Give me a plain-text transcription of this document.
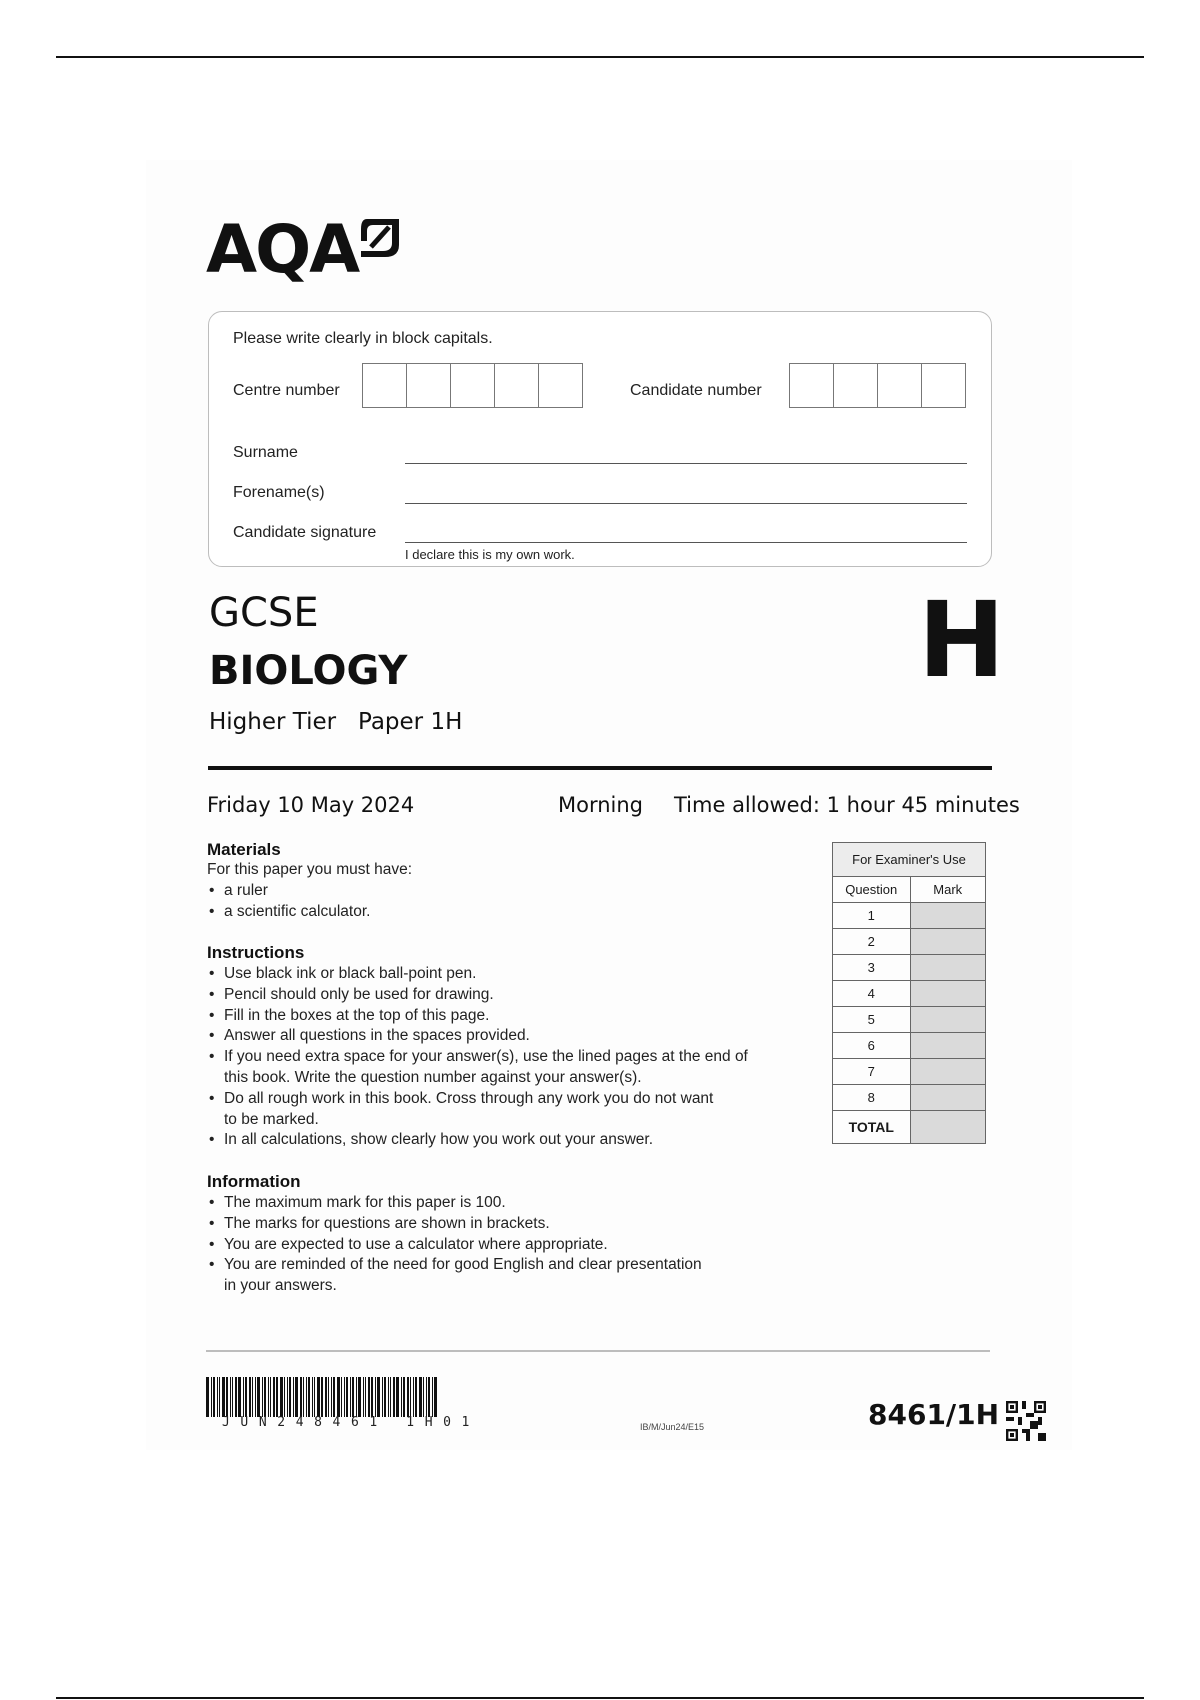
AQA
Please write clearly in block capitals.
Centre number	Candidate number
Surname
Forename(s)
Candidate signature
I declare this is my own work.
GCSE
BIOLOGY
Higher Tier Paper 1H
H
Friday 10 May 2024	Morning Time allowed: 1 hour 45 minutes
Materials
For this paper you must have:
• a ruler
• a scientific calculator.
Instructions
• Use black ink or black ball-point pen.
• Pencil should only be used for drawing.
• Fill in the boxes at the top of this page.
• Answer all questions in the spaces provided.
• If you need extra space for your answer(s), use the lined pages at the end of
this book. Write the question number against your answer(s).
• Do all rough work in this book. Cross through any work you do not want
to be marked.
• In all calculations, show clearly how you work out your answer.
Information
• The maximum mark for this paper is 100.
• The marks for questions are shown in brackets.
• You are expected to use a calculator where appropriate.
• You are reminded of the need for good English and clear presentation
in your answers.
For Examiner's Use	
Question	Mark
1	
2	
3	
4	
5	
6	
7	
8	
TOTAL	
JUN248461 1H01	IB/M/Jun24/E15	8461/1H
